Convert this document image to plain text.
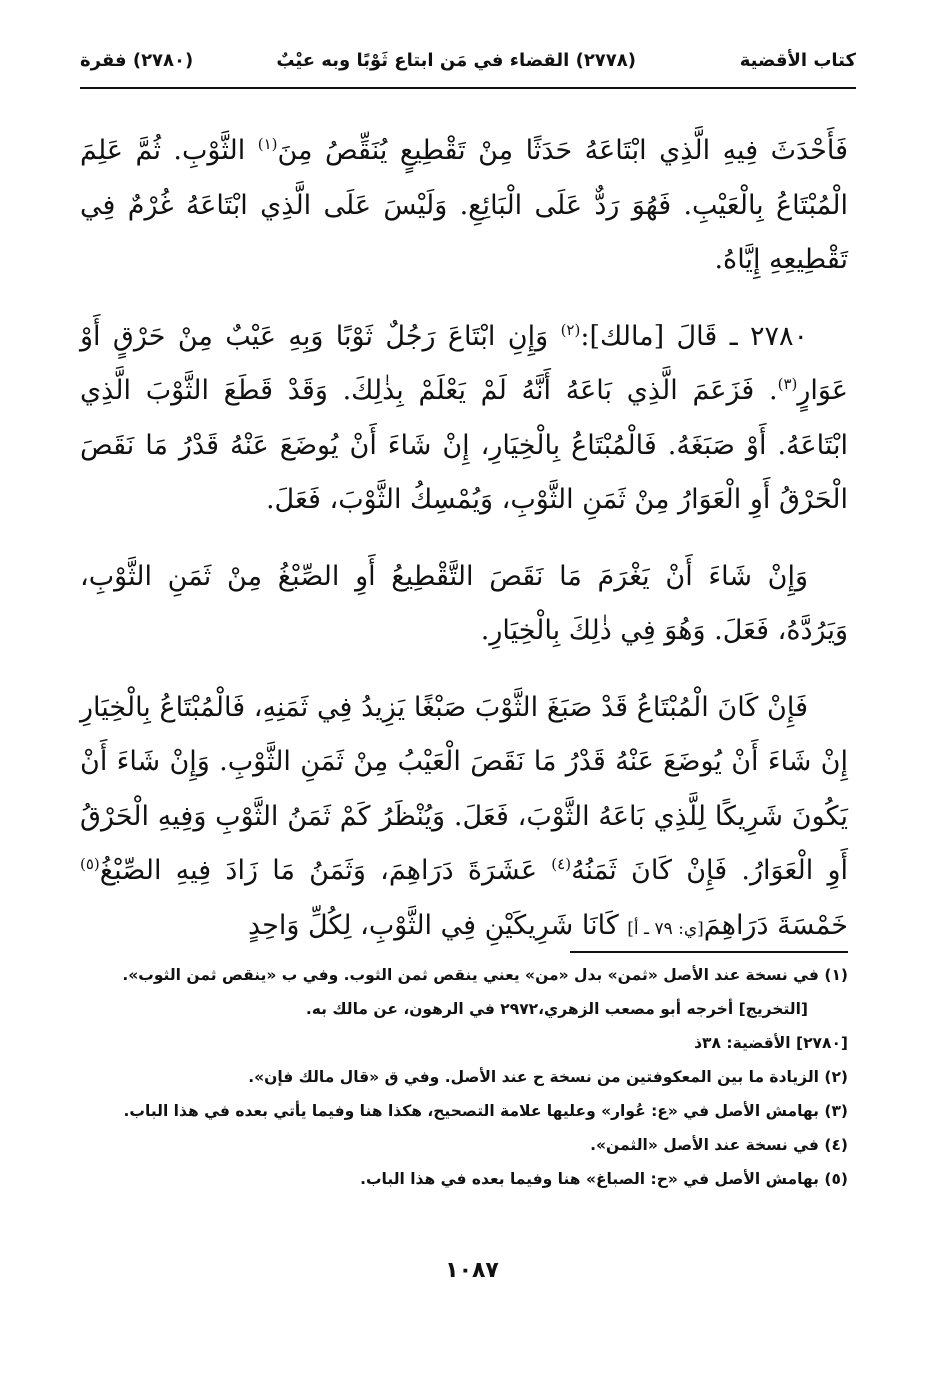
كتاب الأقضية
(٢٧٧٨) القضاء في مَن ابتاع ثَوْبًا وبه عيْبٌ
(٢٧٨٠) فقرة

فَأَحْدَثَ فِيهِ الَّذِي ابْتَاعَهُ حَدَثًا مِنْ تَقْطِيعٍ يُنَقِّصُ مِنَ$^{(١)}$ الثَّوْبِ. ثُمَّ عَلِمَ الْمُبْتَاعُ بِالْعَيْبِ. فَهُوَ رَدٌّ عَلَى الْبَائِعِ. وَلَيْسَ عَلَى الَّذِي ابْتَاعَهُ غُرْمٌ فِي تَقْطِيعِهِ إِيَّاهُ.

٢٧٨٠ ـ قَالَ [مالك]:$^{(٢)}$ وَإِنِ ابْتَاعَ رَجُلٌ ثَوْبًا وَبِهِ عَيْبٌ مِنْ حَرْقٍ أَوْ عَوَارٍ$^{(٣)}$. فَزَعَمَ الَّذِي بَاعَهُ أَنَّهُ لَمْ يَعْلَمْ بِذٰلِكَ. وَقَدْ قَطَعَ الثَّوْبَ الَّذِي ابْتَاعَهُ. أَوْ صَبَغَهُ. فَالْمُبْتَاعُ بِالْخِيَارِ، إِنْ شَاءَ أَنْ يُوضَعَ عَنْهُ قَدْرُ مَا نَقَصَ الْحَرْقُ أَوِ الْعَوَارُ مِنْ ثَمَنِ الثَّوْبِ، وَيُمْسِكُ الثَّوْبَ، فَعَلَ.

وَإِنْ شَاءَ أَنْ يَغْرَمَ مَا نَقَصَ التَّقْطِيعُ أَوِ الصِّبْغُ مِنْ ثَمَنِ الثَّوْبِ، وَيَرُدَّهُ، فَعَلَ. وَهُوَ فِي ذٰلِكَ بِالْخِيَارِ.

فَإِنْ كَانَ الْمُبْتَاعُ قَدْ صَبَغَ الثَّوْبَ صَبْغًا يَزِيدُ فِي ثَمَنِهِ، فَالْمُبْتَاعُ بِالْخِيَارِ إِنْ شَاءَ أَنْ يُوضَعَ عَنْهُ قَدْرُ مَا نَقَصَ الْعَيْبُ مِنْ ثَمَنِ الثَّوْبِ. وَإِنْ شَاءَ أَنْ يَكُونَ شَرِيكًا لِلَّذِي بَاعَهُ الثَّوْبَ، فَعَلَ. وَيُنْظَرُ كَمْ ثَمَنُ الثَّوْبِ وَفِيهِ الْحَرْقُ أَوِ الْعَوَارُ. فَإِنْ كَانَ ثَمَنُهُ$^{(٤)}$ عَشَرَةَ دَرَاهِمَ، وَثَمَنُ مَا زَادَ فِيهِ الصِّبْغُ$^{(٥)}$ خَمْسَةَ دَرَاهِمَ[ي: ٧٩ ـ أ] كَانَا شَرِيكَيْنِ فِي الثَّوْبِ، لِكُلِّ وَاحِدٍ

(١) في نسخة عند الأصل «ثمن» بدل «من» يعني ينقص ثمن الثوب. وفي ب «ينقص ثمن الثوب».
[التخريج] أخرجه أبو مصعب الزهري،٢٩٧٢ في الرهون، عن مالك به.
[٢٧٨٠] الأقضية: ٣٨ذ
(٢) الزيادة ما بين المعكوفتين من نسخة ح عند الأصل. وفي ق «قال مالك فإن».
(٣) بهامش الأصل في «ع: عُوار» وعليها علامة التصحيح، هكذا هنا وفيما يأتي بعده في هذا الباب.
(٤) في نسخة عند الأصل «الثمن».
(٥) بهامش الأصل في «ح: الصباغ» هنا وفيما بعده في هذا الباب.
١٠٨٧
